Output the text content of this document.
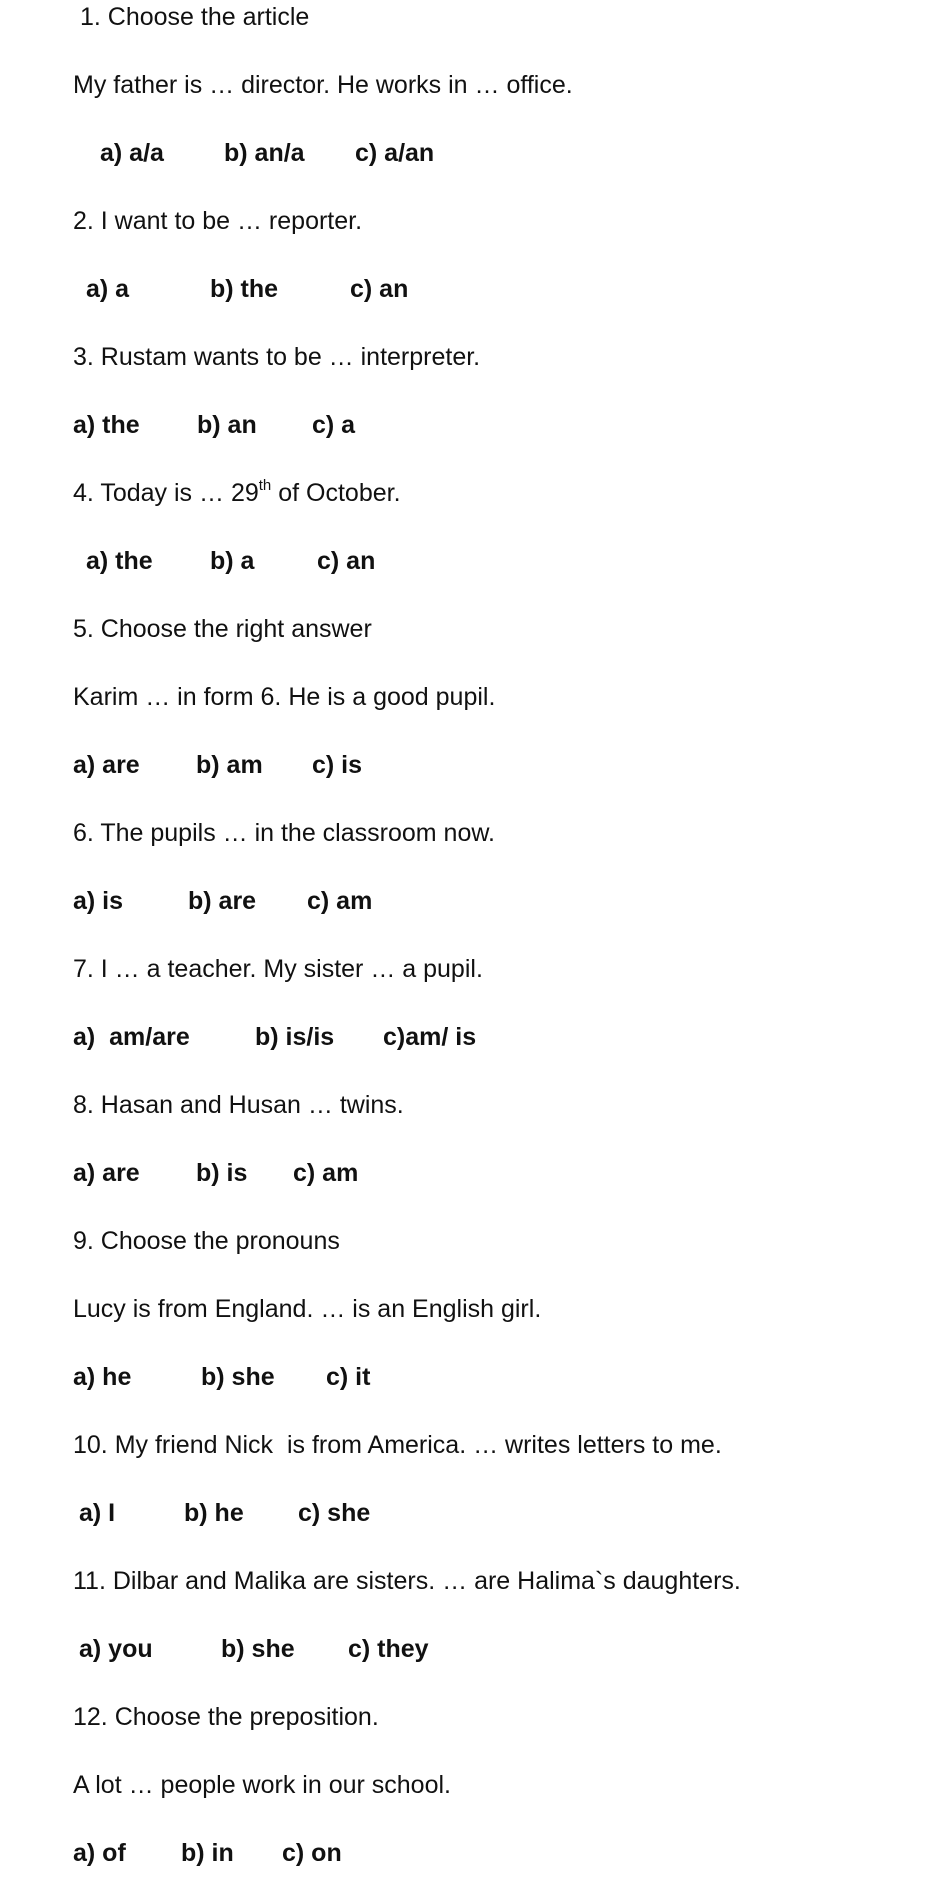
1. Choose the article
My father is … director. He works in … office.
a) a/a b) an/a c) a/an
2. I want to be … reporter.
a) a	b) the	c) an
3. Rustam wants to be … interpreter.
a) the b) an c) a
4. Today is … 29th of October.
a) the b) a	c) an
5. Choose the right answer
Karim … in form 6. He is a good pupil.
a) are b) am c) is
6. The pupils … in the classroom now.
a) is	b) are c) am
7. I … a teacher. My sister … a pupil.
a)  am/are	b) is/is c)am/ is
8. Hasan and Husan … twins.
a) are b) is c) am
9. Choose the pronouns
Lucy is from England. … is an English girl.
a) he	b) she c) it
10. My friend Nick  is from America. … writes letters to me.
a) I	b) he c) she
11. Dilbar and Malika are sisters. … are Halima`s daughters.
a) you	b) she c) they
12. Choose the preposition.
A lot … people work in our school.
a) of b) in c) on
